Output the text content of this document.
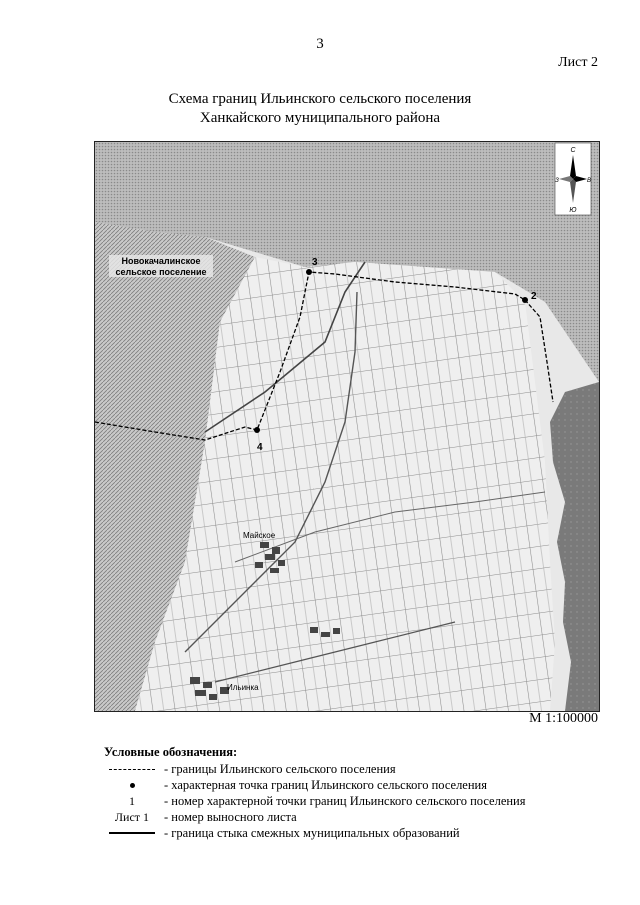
3
Лист 2
Схема границ Ильинского сельского поселения
Ханкайского муниципального района
2
3
4
Новокачалинское
сельское поселение
Майское
Ильинка
С
Ю
З	В
М 1:100000
Условные обозначения:
- границы Ильинского сельского поселения
- характерная точка границ Ильинского сельского поселения
1	- номер характерной точки границ Ильинского сельского поселения
Лист 1	- номер выносного листа
- граница стыка смежных муниципальных образований
